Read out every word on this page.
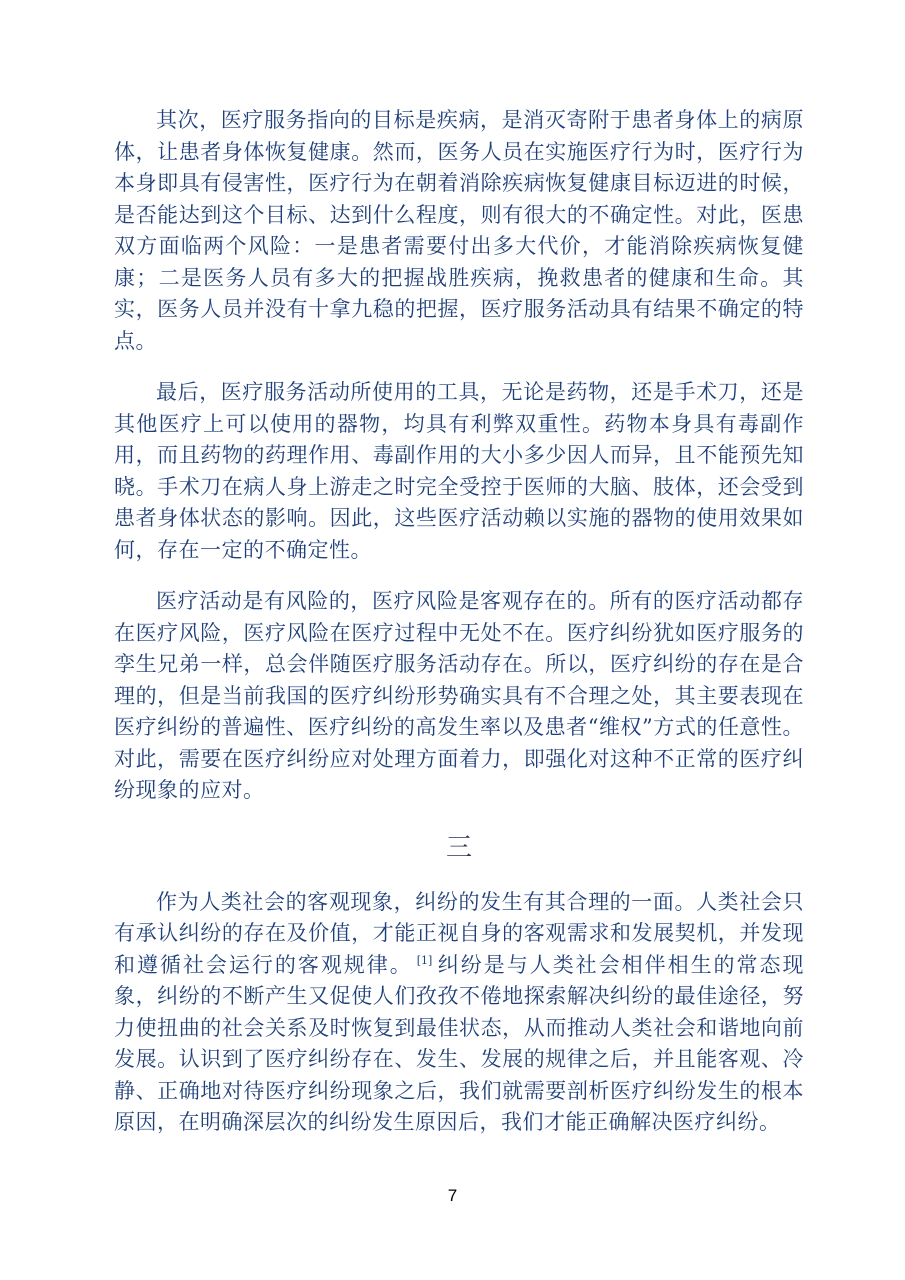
其次，医疗服务指向的目标是疾病，是消灭寄附于患者身体上的病原体，让患者身体恢复健康。然而，医务人员在实施医疗行为时，医疗行为本身即具有侵害性，医疗行为在朝着消除疾病恢复健康目标迈进的时候，是否能达到这个目标、达到什么程度，则有很大的不确定性。对此，医患双方面临两个风险：一是患者需要付出多大代价，才能消除疾病恢复健康；二是医务人员有多大的把握战胜疾病，挽救患者的健康和生命。其实，医务人员并没有十拿九稳的把握，医疗服务活动具有结果不确定的特点。

最后，医疗服务活动所使用的工具，无论是药物，还是手术刀，还是其他医疗上可以使用的器物，均具有利弊双重性。药物本身具有毒副作用，而且药物的药理作用、毒副作用的大小多少因人而异，且不能预先知晓。手术刀在病人身上游走之时完全受控于医师的大脑、肢体，还会受到患者身体状态的影响。因此，这些医疗活动赖以实施的器物的使用效果如何，存在一定的不确定性。

医疗活动是有风险的，医疗风险是客观存在的。所有的医疗活动都存在医疗风险，医疗风险在医疗过程中无处不在。医疗纠纷犹如医疗服务的孪生兄弟一样，总会伴随医疗服务活动存在。所以，医疗纠纷的存在是合理的，但是当前我国的医疗纠纷形势确实具有不合理之处，其主要表现在医疗纠纷的普遍性、医疗纠纷的高发生率以及患者“维权”方式的任意性。对此，需要在医疗纠纷应对处理方面着力，即强化对这种不正常的医疗纠纷现象的应对。

三

作为人类社会的客观现象，纠纷的发生有其合理的一面。人类社会只有承认纠纷的存在及价值，才能正视自身的客观需求和发展契机，并发现和遵循社会运行的客观规律。 [1] 纠纷是与人类社会相伴相生的常态现象，纠纷的不断产生又促使人们孜孜不倦地探索解决纠纷的最佳途径，努力使扭曲的社会关系及时恢复到最佳状态，从而推动人类社会和谐地向前发展。认识到了医疗纠纷存在、发生、发展的规律之后，并且能客观、冷静、正确地对待医疗纠纷现象之后，我们就需要剖析医疗纠纷发生的根本原因，在明确深层次的纠纷发生原因后，我们才能正确解决医疗纠纷。

7
